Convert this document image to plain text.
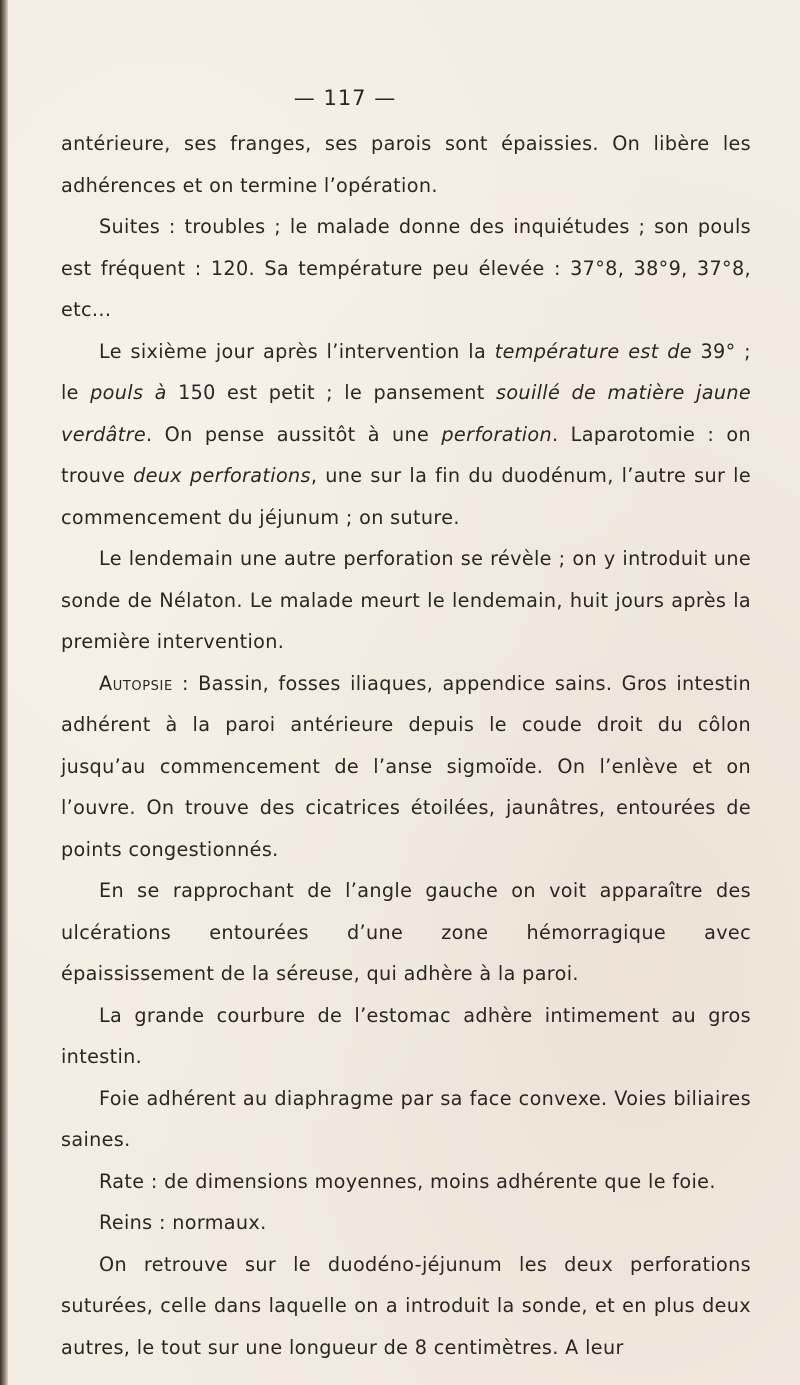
— 117 —

antérieure, ses franges, ses parois sont épaissies. On libère les adhérences et on termine l’opération.

Suites : troubles ; le malade donne des inquiétudes ; son pouls est fréquent : 120. Sa température peu élevée : 37°8, 38°9, 37°8, etc...

Le sixième jour après l’intervention la température est de 39° ; le pouls à 150 est petit ; le pansement souillé de matière jaune verdâtre. On pense aussitôt à une perforation. Laparotomie : on trouve deux perforations, une sur la fin du duodénum, l’autre sur le commencement du jéjunum ; on suture.

Le lendemain une autre perforation se révèle ; on y introduit une sonde de Nélaton. Le malade meurt le lendemain, huit jours après la première intervention.

Autopsie : Bassin, fosses iliaques, appendice sains. Gros intestin adhérent à la paroi antérieure depuis le coude droit du côlon jusqu’au commencement de l’anse sigmoïde. On l’enlève et on l’ouvre. On trouve des cicatrices étoilées, jaunâtres, entourées de points congestionnés.

En se rapprochant de l’angle gauche on voit apparaître des ulcérations entourées d’une zone hémorragique avec épaississement de la séreuse, qui adhère à la paroi.

La grande courbure de l’estomac adhère intimement au gros intestin.

Foie adhérent au diaphragme par sa face convexe. Voies biliaires saines.

Rate : de dimensions moyennes, moins adhérente que le foie.

Reins : normaux.

On retrouve sur le duodéno-jéjunum les deux perforations suturées, celle dans laquelle on a introduit la sonde, et en plus deux autres, le tout sur une longueur de 8 centimètres. A leur
